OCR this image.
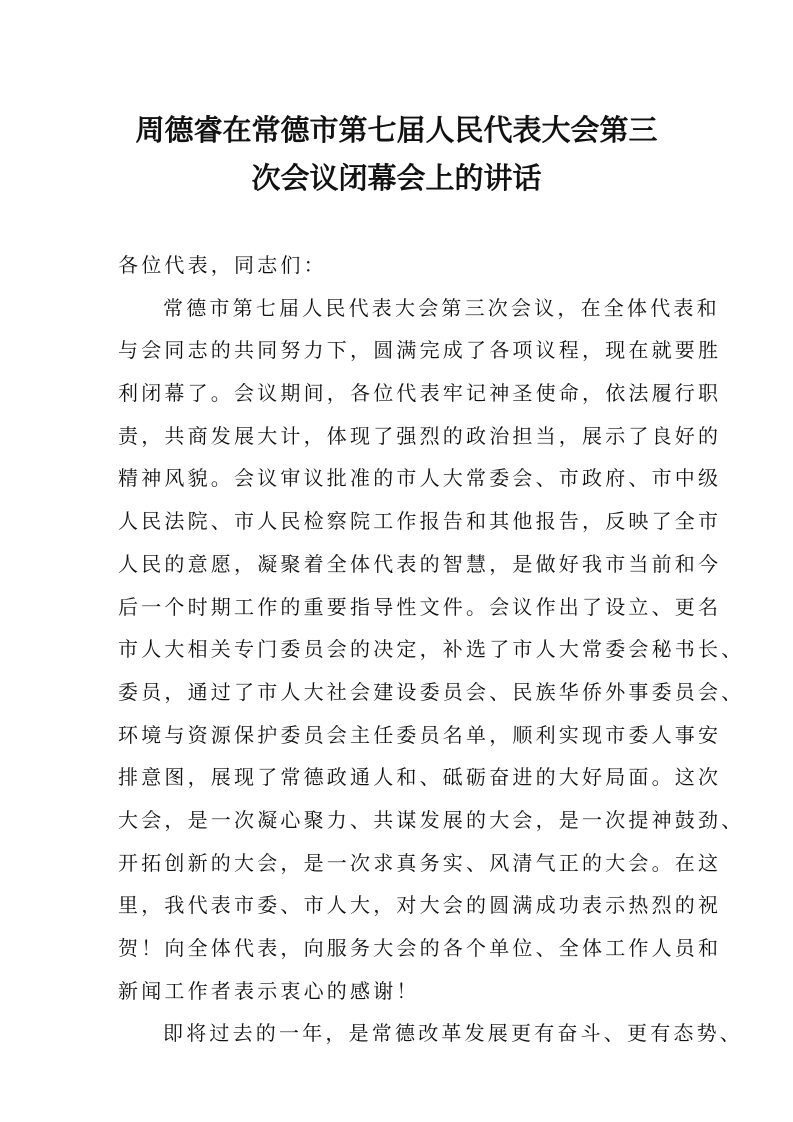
周德睿在常德市第七届人民代表大会第三
次会议闭幕会上的讲话
各位代表，同志们：
常德市第七届人民代表大会第三次会议，在全体代表和
与会同志的共同努力下，圆满完成了各项议程，现在就要胜
利闭幕了。会议期间，各位代表牢记神圣使命，依法履行职
责，共商发展大计，体现了强烈的政治担当，展示了良好的
精神风貌。会议审议批准的市人大常委会、市政府、市中级
人民法院、市人民检察院工作报告和其他报告，反映了全市
人民的意愿，凝聚着全体代表的智慧，是做好我市当前和今
后一个时期工作的重要指导性文件。会议作出了设立、更名
市人大相关专门委员会的决定，补选了市人大常委会秘书长、
委员，通过了市人大社会建设委员会、民族华侨外事委员会、
环境与资源保护委员会主任委员名单，顺利实现市委人事安
排意图，展现了常德政通人和、砥砺奋进的大好局面。这次
大会，是一次凝心聚力、共谋发展的大会，是一次提神鼓劲、
开拓创新的大会，是一次求真务实、风清气正的大会。在这
里，我代表市委、市人大，对大会的圆满成功表示热烈的祝
贺！向全体代表，向服务大会的各个单位、全体工作人员和
新闻工作者表示衷心的感谢！
即将过去的一年，是常德改革发展更有奋斗、更有态势、
